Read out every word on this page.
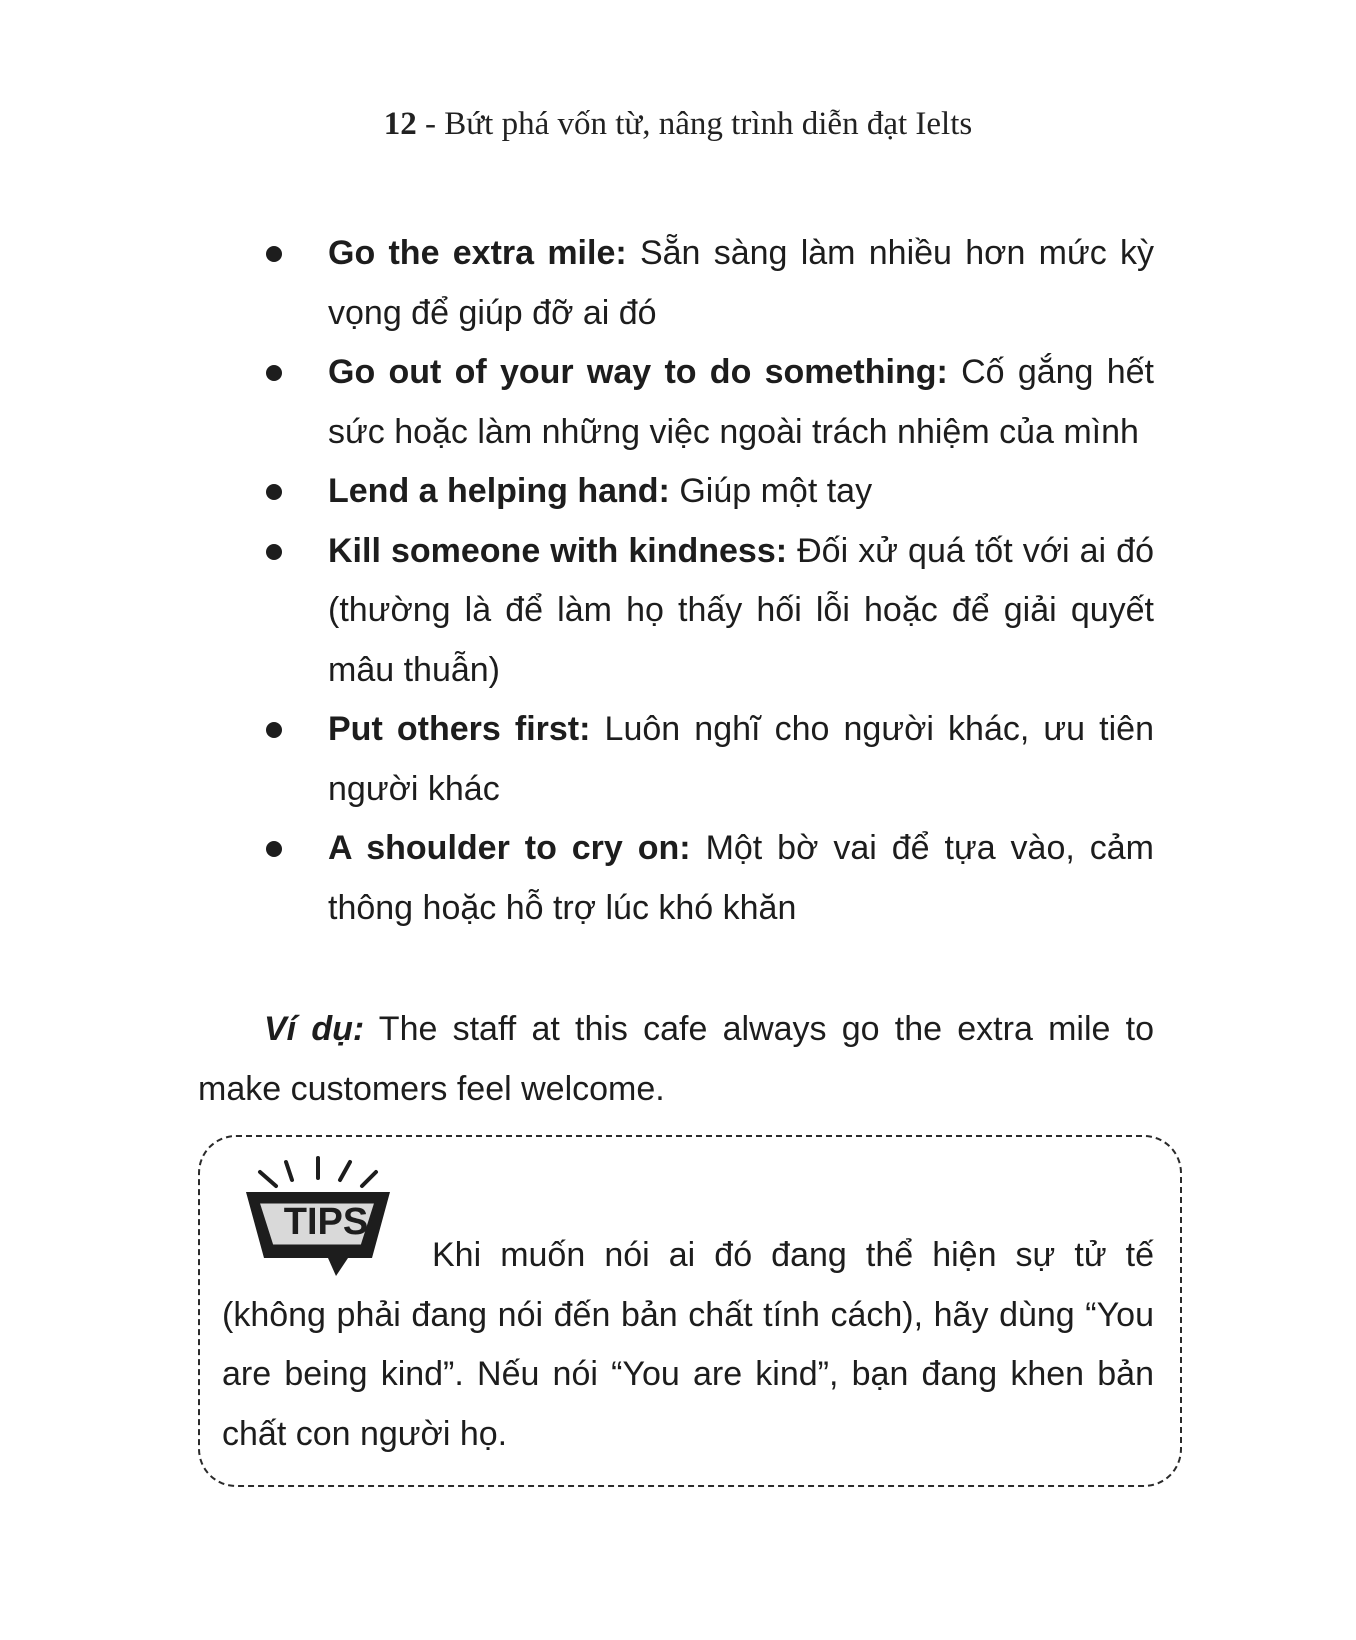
12 - Bứt phá vốn từ, nâng trình diễn đạt Ielts
Go the extra mile: Sẵn sàng làm nhiều hơn mức kỳ vọng để giúp đỡ ai đó
Go out of your way to do something: Cố gắng hết sức hoặc làm những việc ngoài trách nhiệm của mình
Lend a helping hand: Giúp một tay
Kill someone with kindness: Đối xử quá tốt với ai đó (thường là để làm họ thấy hối lỗi hoặc để giải quyết mâu thuẫn)
Put others first: Luôn nghĩ cho người khác, ưu tiên người khác
A shoulder to cry on: Một bờ vai để tựa vào, cảm thông hoặc hỗ trợ lúc khó khăn

Ví dụ: The staff at this cafe always go the extra mile to make customers feel welcome.

TIPS

Khi muốn nói ai đó đang thể hiện sự tử tế (không phải đang nói đến bản chất tính cách), hãy dùng “You are being kind”. Nếu nói “You are kind”, bạn đang khen bản chất con người họ.
